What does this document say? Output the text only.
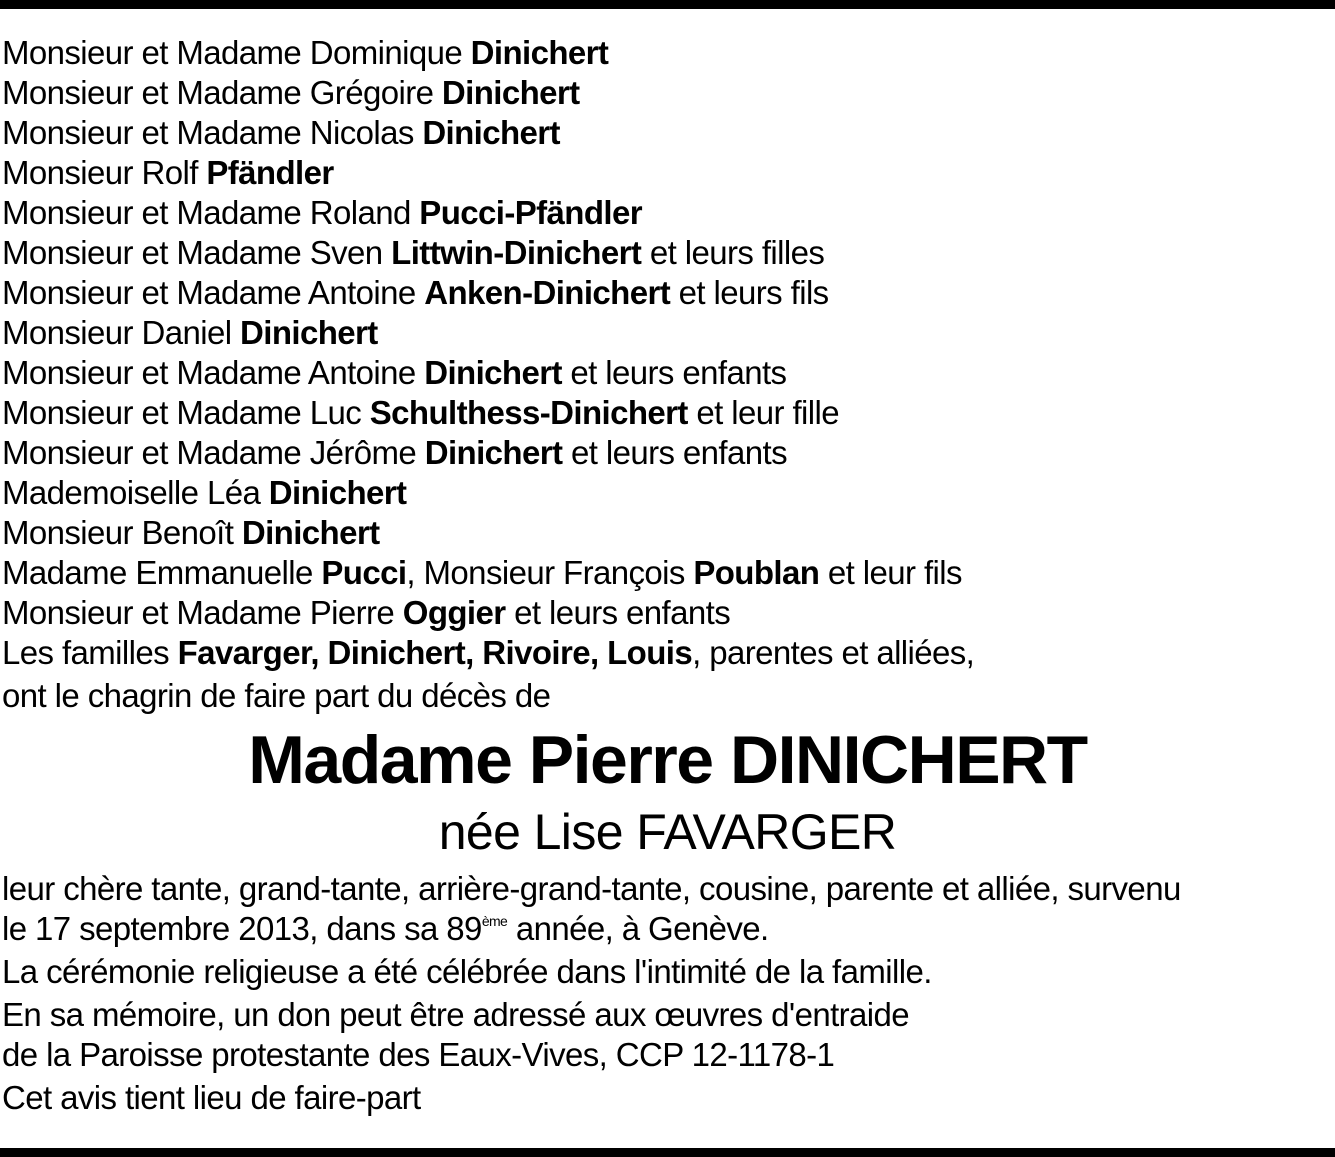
Monsieur et Madame Dominique Dinichert
Monsieur et Madame Grégoire Dinichert
Monsieur et Madame Nicolas Dinichert
Monsieur Rolf Pfändler
Monsieur et Madame Roland Pucci-Pfändler
Monsieur et Madame Sven Littwin-Dinichert et leurs filles
Monsieur et Madame Antoine Anken-Dinichert et leurs fils
Monsieur Daniel Dinichert
Monsieur et Madame Antoine Dinichert et leurs enfants
Monsieur et Madame Luc Schulthess-Dinichert et leur fille
Monsieur et Madame Jérôme Dinichert et leurs enfants
Mademoiselle Léa Dinichert
Monsieur Benoît Dinichert
Madame Emmanuelle Pucci, Monsieur François Poublan et leur fils
Monsieur et Madame Pierre Oggier et leurs enfants
Les familles Favarger, Dinichert, Rivoire, Louis, parentes et alliées,
ont le chagrin de faire part du décès de
Madame Pierre DINICHERT
née Lise FAVARGER
leur chère tante, grand-tante, arrière-grand-tante, cousine, parente et alliée, survenu
le 17 septembre 2013, dans sa 89ème année, à Genève.
La cérémonie religieuse a été célébrée dans l'intimité de la famille.
En sa mémoire, un don peut être adressé aux œuvres d'entraide
de la Paroisse protestante des Eaux-Vives, CCP 12-1178-1
Cet avis tient lieu de faire-part
